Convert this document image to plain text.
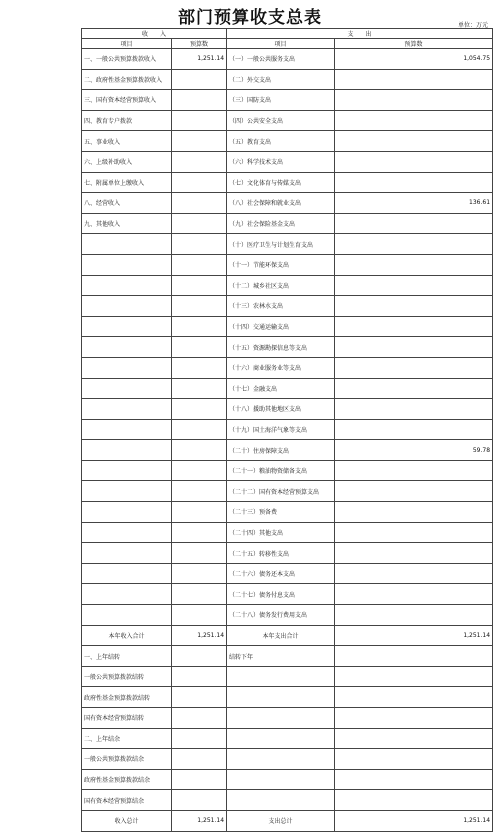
部门预算收支总表	单位：万元
收　　入		支　　出	
项目	预算数	项目	预算数
一、一般公共预算拨款收入	1,251.14	（一）一般公共服务支出	1,054.75
二、政府性基金预算拨款收入		（二）外交支出	
三、国有资本经营预算收入		（三）国防支出	
四、教育专户拨款		（四）公共安全支出	
五、事业收入		（五）教育支出	
六、上级补助收入		（六）科学技术支出	
七、附属单位上缴收入		（七）文化体育与传媒支出	
八、经营收入		（八）社会保障和就业支出	136.61
九、其他收入		（九）社会保险基金支出	
		（十）医疗卫生与计划生育支出	
		（十一）节能环保支出	
		（十二）城乡社区支出	
		（十三）农林水支出	
		（十四）交通运输支出	
		（十五）资源勘探信息等支出	
		（十六）商业服务业等支出	
		（十七）金融支出	
		（十八）援助其他地区支出	
		（十九）国土海洋气象等支出	
		（二十）住房保障支出	59.78
		（二十一）粮油物资储备支出	
		（二十二）国有资本经营预算支出	
		（二十三）预备费	
		（二十四）其他支出	
		（二十五）转移性支出	
		（二十六）债务还本支出	
		（二十七）债务付息支出	
		（二十八）债务发行费用支出	
本年收入合计	1,251.14	本年支出合计	1,251.14
一、上年结转		结转下年	
一般公共预算拨款结转			
政府性基金预算拨款结转			
国有资本经营预算结转			
二、上年结余			
一般公共预算拨款结余			
政府性基金预算拨款结余			
国有资本经营预算结余			
收入总计	1,251.14	支出总计	1,251.14
